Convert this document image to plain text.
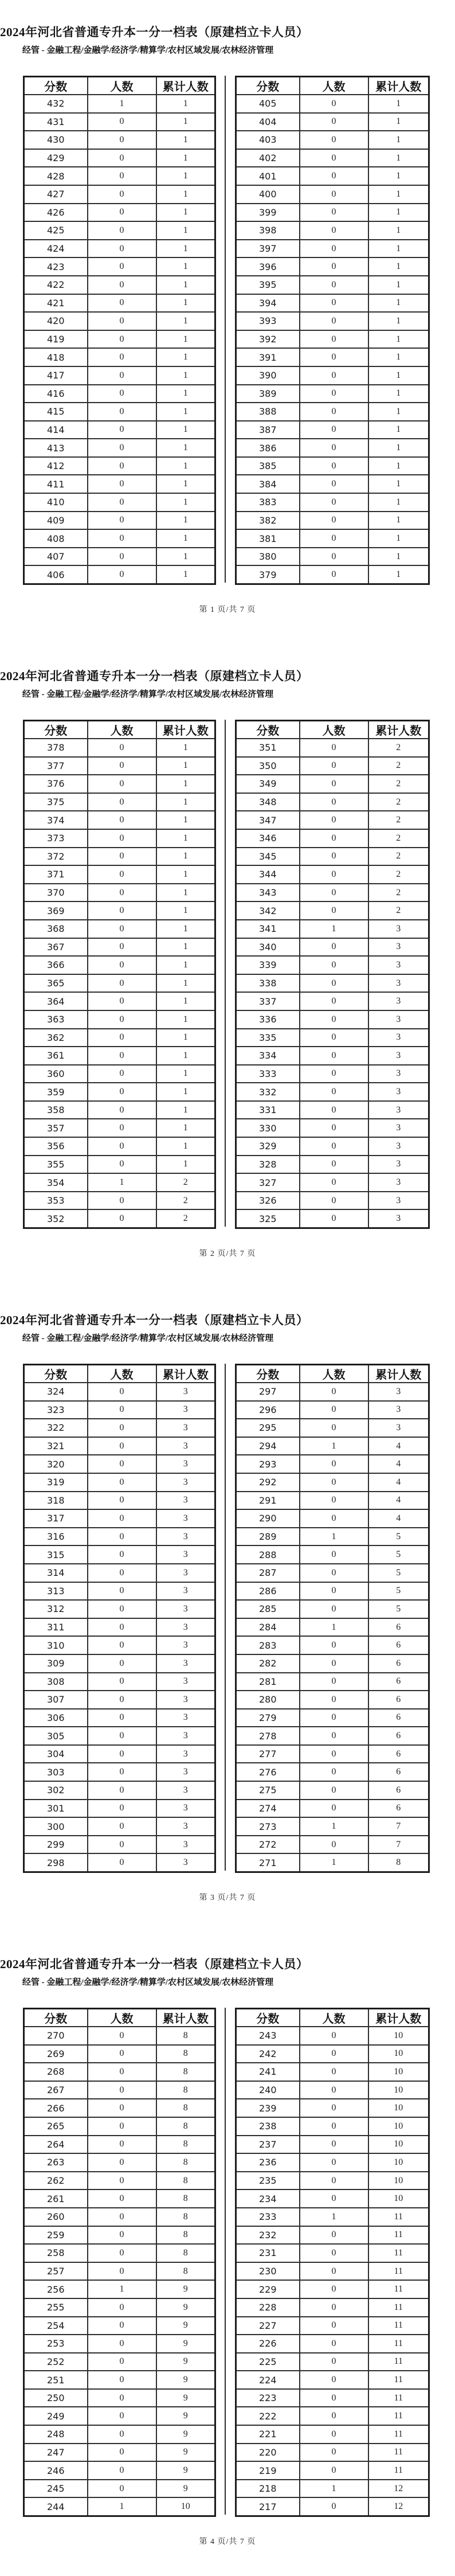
2024年河北省普通专升本一分一档表（原建档立卡人员）
经管 - 金融工程/金融学/经济学/精算学/农村区域发展/农林经济管理
分数	人数	累计人数
432	1	1
431	0	1
430	0	1
429	0	1
428	0	1
427	0	1
426	0	1
425	0	1
424	0	1
423	0	1
422	0	1
421	0	1
420	0	1
419	0	1
418	0	1
417	0	1
416	0	1
415	0	1
414	0	1
413	0	1
412	0	1
411	0	1
410	0	1
409	0	1
408	0	1
407	0	1
406	0	1
分数	人数	累计人数
405	0	1
404	0	1
403	0	1
402	0	1
401	0	1
400	0	1
399	0	1
398	0	1
397	0	1
396	0	1
395	0	1
394	0	1
393	0	1
392	0	1
391	0	1
390	0	1
389	0	1
388	0	1
387	0	1
386	0	1
385	0	1
384	0	1
383	0	1
382	0	1
381	0	1
380	0	1
379	0	1
第 1 页/共 7 页
2024年河北省普通专升本一分一档表（原建档立卡人员）
经管 - 金融工程/金融学/经济学/精算学/农村区域发展/农林经济管理
分数	人数	累计人数
378	0	1
377	0	1
376	0	1
375	0	1
374	0	1
373	0	1
372	0	1
371	0	1
370	0	1
369	0	1
368	0	1
367	0	1
366	0	1
365	0	1
364	0	1
363	0	1
362	0	1
361	0	1
360	0	1
359	0	1
358	0	1
357	0	1
356	0	1
355	0	1
354	1	2
353	0	2
352	0	2
分数	人数	累计人数
351	0	2
350	0	2
349	0	2
348	0	2
347	0	2
346	0	2
345	0	2
344	0	2
343	0	2
342	0	2
341	1	3
340	0	3
339	0	3
338	0	3
337	0	3
336	0	3
335	0	3
334	0	3
333	0	3
332	0	3
331	0	3
330	0	3
329	0	3
328	0	3
327	0	3
326	0	3
325	0	3
第 2 页/共 7 页
2024年河北省普通专升本一分一档表（原建档立卡人员）
经管 - 金融工程/金融学/经济学/精算学/农村区域发展/农林经济管理
分数	人数	累计人数
324	0	3
323	0	3
322	0	3
321	0	3
320	0	3
319	0	3
318	0	3
317	0	3
316	0	3
315	0	3
314	0	3
313	0	3
312	0	3
311	0	3
310	0	3
309	0	3
308	0	3
307	0	3
306	0	3
305	0	3
304	0	3
303	0	3
302	0	3
301	0	3
300	0	3
299	0	3
298	0	3
分数	人数	累计人数
297	0	3
296	0	3
295	0	3
294	1	4
293	0	4
292	0	4
291	0	4
290	0	4
289	1	5
288	0	5
287	0	5
286	0	5
285	0	5
284	1	6
283	0	6
282	0	6
281	0	6
280	0	6
279	0	6
278	0	6
277	0	6
276	0	6
275	0	6
274	0	6
273	1	7
272	0	7
271	1	8
第 3 页/共 7 页
2024年河北省普通专升本一分一档表（原建档立卡人员）
经管 - 金融工程/金融学/经济学/精算学/农村区域发展/农林经济管理
分数	人数	累计人数
270	0	8
269	0	8
268	0	8
267	0	8
266	0	8
265	0	8
264	0	8
263	0	8
262	0	8
261	0	8
260	0	8
259	0	8
258	0	8
257	0	8
256	1	9
255	0	9
254	0	9
253	0	9
252	0	9
251	0	9
250	0	9
249	0	9
248	0	9
247	0	9
246	0	9
245	0	9
244	1	10
分数	人数	累计人数
243	0	10
242	0	10
241	0	10
240	0	10
239	0	10
238	0	10
237	0	10
236	0	10
235	0	10
234	0	10
233	1	11
232	0	11
231	0	11
230	0	11
229	0	11
228	0	11
227	0	11
226	0	11
225	0	11
224	0	11
223	0	11
222	0	11
221	0	11
220	0	11
219	0	11
218	1	12
217	0	12
第 4 页/共 7 页
